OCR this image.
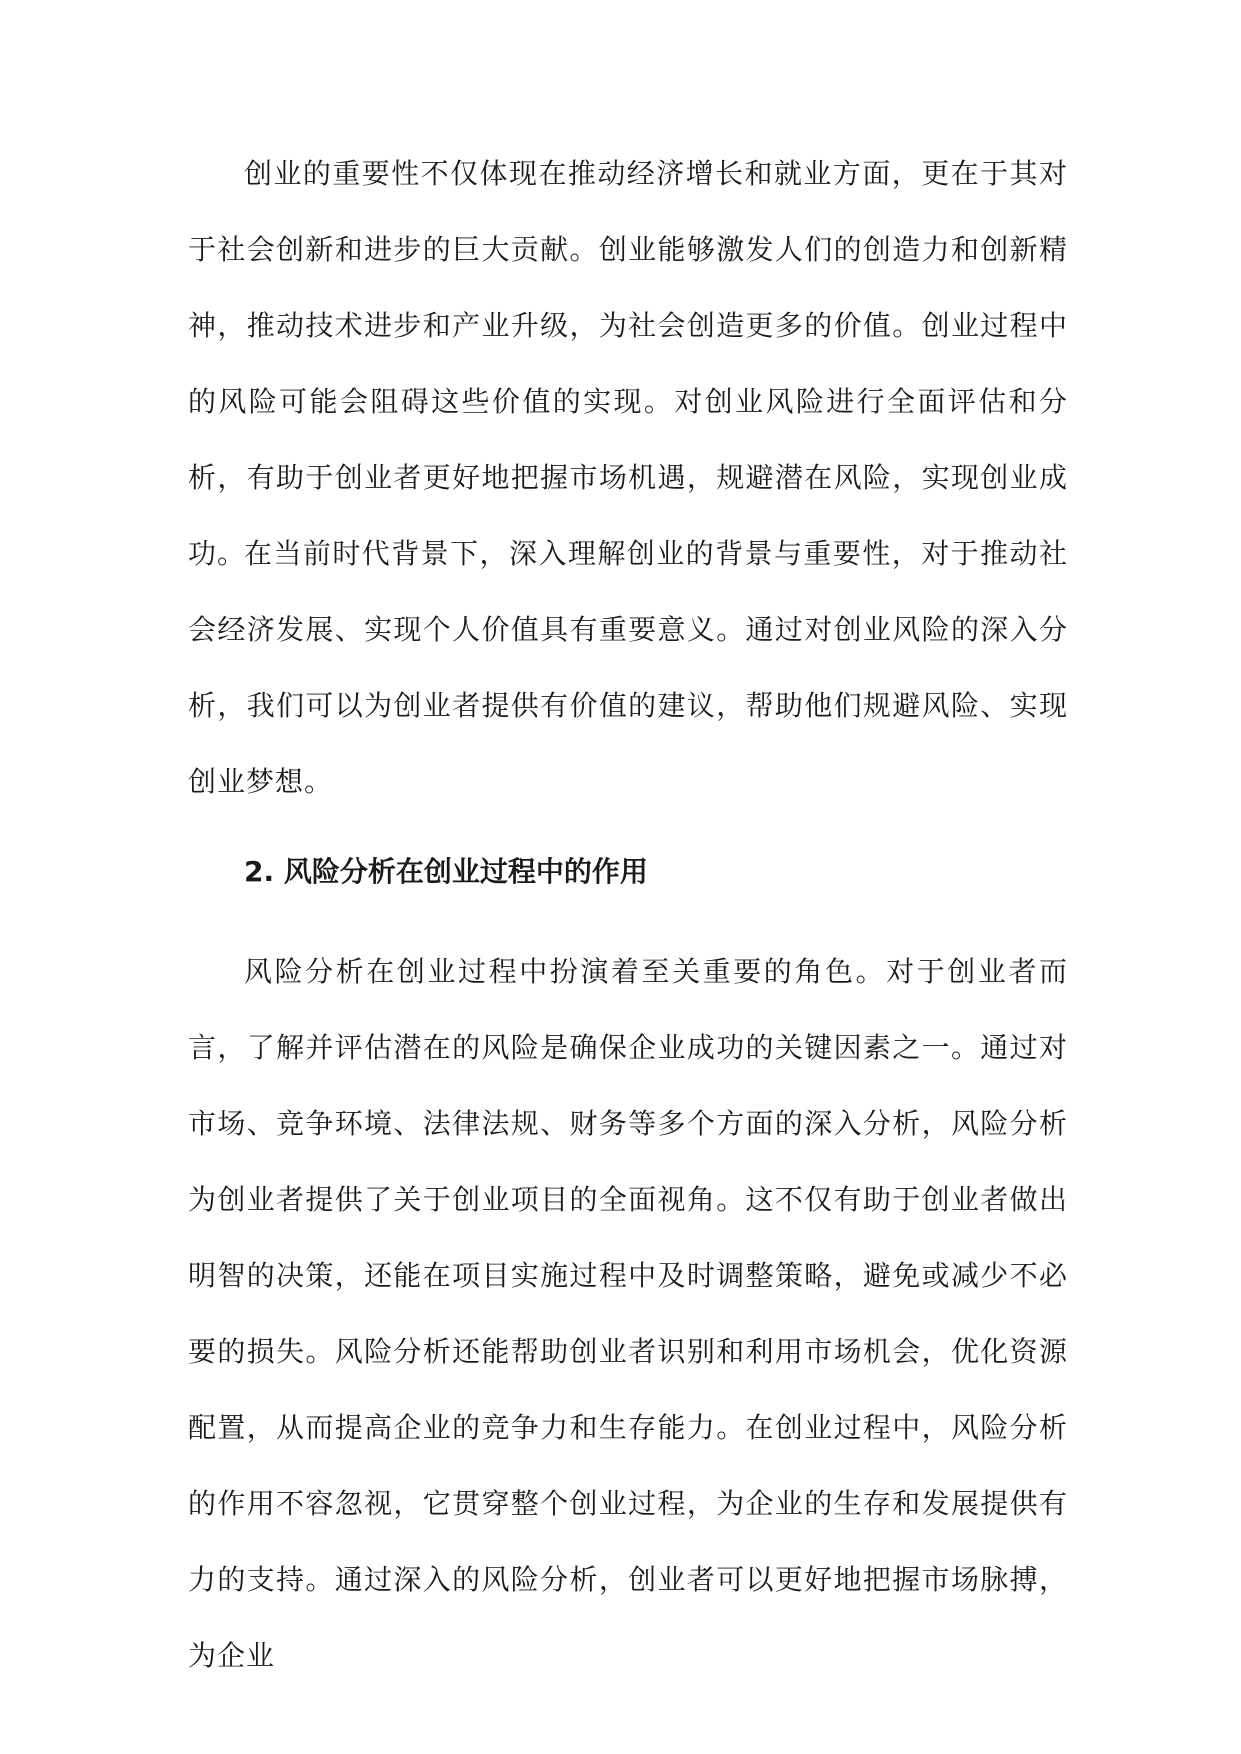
创业的重要性不仅体现在推动经济增长和就业方面，更在于其对于社会创新和进步的巨大贡献。创业能够激发人们的创造力和创新精神，推动技术进步和产业升级，为社会创造更多的价值。创业过程中的风险可能会阻碍这些价值的实现。对创业风险进行全面评估和分析，有助于创业者更好地把握市场机遇，规避潜在风险，实现创业成功。

在当前时代背景下，深入理解创业的背景与重要性，对于推动社会经济发展、实现个人价值具有重要意义。通过对创业风险的深入分析，我们可以为创业者提供有价值的建议，帮助他们规避风险、实现创业梦想。

2. 风险分析在创业过程中的作用

风险分析在创业过程中扮演着至关重要的角色。对于创业者而言，了解并评估潜在的风险是确保企业成功的关键因素之一。通过对市场、竞争环境、法律法规、财务等多个方面的深入分析，风险分析为创业者提供了关于创业项目的全面视角。这不仅有助于创业者做出明智的决策，还能在项目实施过程中及时调整策略，避免或减少不必要的损失。风险分析还能帮助创业者识别和利用市场机会，优化资源配置，从而提高企业的竞争力和生存能力。在创业过程中，风险分析的作用不容忽视，它贯穿整个创业过程，为企业的生存和发展提供有力的支持。通过深入的风险分析，创业者可以更好地把握市场脉搏，为企业
